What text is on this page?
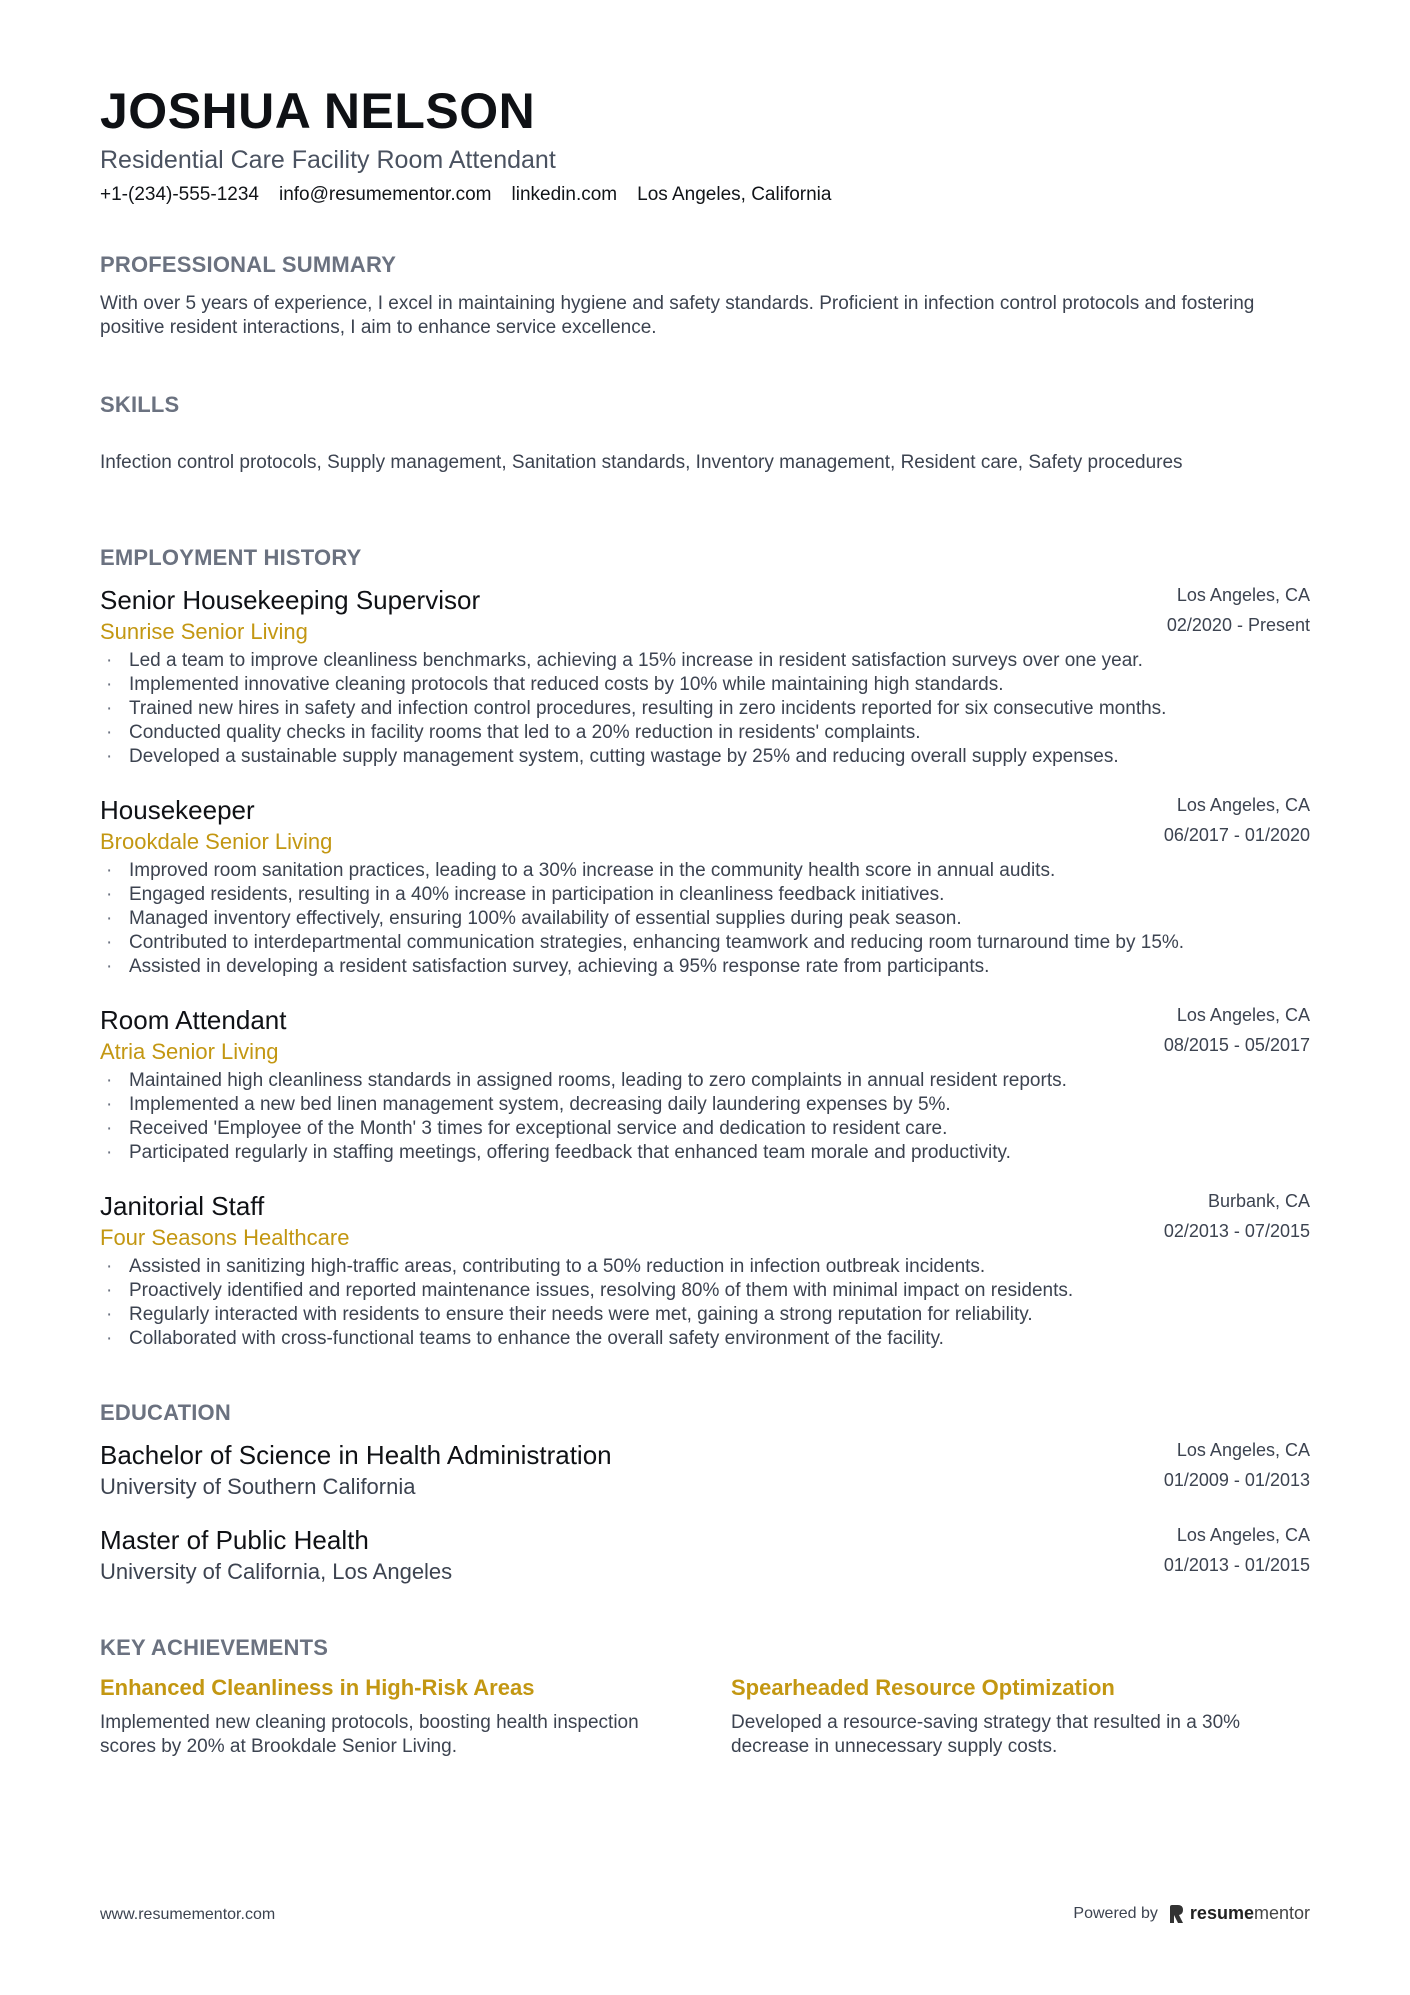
JOSHUA NELSON
Residential Care Facility Room Attendant
+1-(234)-555-1234 info@resumementor.com linkedin.com Los Angeles, California
PROFESSIONAL SUMMARY
With over 5 years of experience, I excel in maintaining hygiene and safety standards. Proficient in infection control protocols and fostering positive resident interactions, I aim to enhance service excellence.
SKILLS
Infection control protocols, Supply management, Sanitation standards, Inventory management, Resident care, Safety procedures
EMPLOYMENT HISTORY
Senior Housekeeping Supervisor
Sunrise Senior Living
Los Angeles, CA
02/2020 - Present
· Led a team to improve cleanliness benchmarks, achieving a 15% increase in resident satisfaction surveys over one year.
· Implemented innovative cleaning protocols that reduced costs by 10% while maintaining high standards.
· Trained new hires in safety and infection control procedures, resulting in zero incidents reported for six consecutive months.
· Conducted quality checks in facility rooms that led to a 20% reduction in residents' complaints.
· Developed a sustainable supply management system, cutting wastage by 25% and reducing overall supply expenses.
Housekeeper
Brookdale Senior Living
Los Angeles, CA
06/2017 - 01/2020
· Improved room sanitation practices, leading to a 30% increase in the community health score in annual audits.
· Engaged residents, resulting in a 40% increase in participation in cleanliness feedback initiatives.
· Managed inventory effectively, ensuring 100% availability of essential supplies during peak season.
· Contributed to interdepartmental communication strategies, enhancing teamwork and reducing room turnaround time by 15%.
· Assisted in developing a resident satisfaction survey, achieving a 95% response rate from participants.
Room Attendant
Atria Senior Living
Los Angeles, CA
08/2015 - 05/2017
· Maintained high cleanliness standards in assigned rooms, leading to zero complaints in annual resident reports.
· Implemented a new bed linen management system, decreasing daily laundering expenses by 5%.
· Received 'Employee of the Month' 3 times for exceptional service and dedication to resident care.
· Participated regularly in staffing meetings, offering feedback that enhanced team morale and productivity.
Janitorial Staff
Four Seasons Healthcare
Burbank, CA
02/2013 - 07/2015
· Assisted in sanitizing high-traffic areas, contributing to a 50% reduction in infection outbreak incidents.
· Proactively identified and reported maintenance issues, resolving 80% of them with minimal impact on residents.
· Regularly interacted with residents to ensure their needs were met, gaining a strong reputation for reliability.
· Collaborated with cross-functional teams to enhance the overall safety environment of the facility.
EDUCATION
Bachelor of Science in Health Administration
University of Southern California
Los Angeles, CA
01/2009 - 01/2013
Master of Public Health
University of California, Los Angeles
Los Angeles, CA
01/2013 - 01/2015
KEY ACHIEVEMENTS
Enhanced Cleanliness in High-Risk Areas
Implemented new cleaning protocols, boosting health inspection scores by 20% at Brookdale Senior Living.
Spearheaded Resource Optimization
Developed a resource-saving strategy that resulted in a 30% decrease in unnecessary supply costs.
www.resumementor.com	Powered by resume mentor
